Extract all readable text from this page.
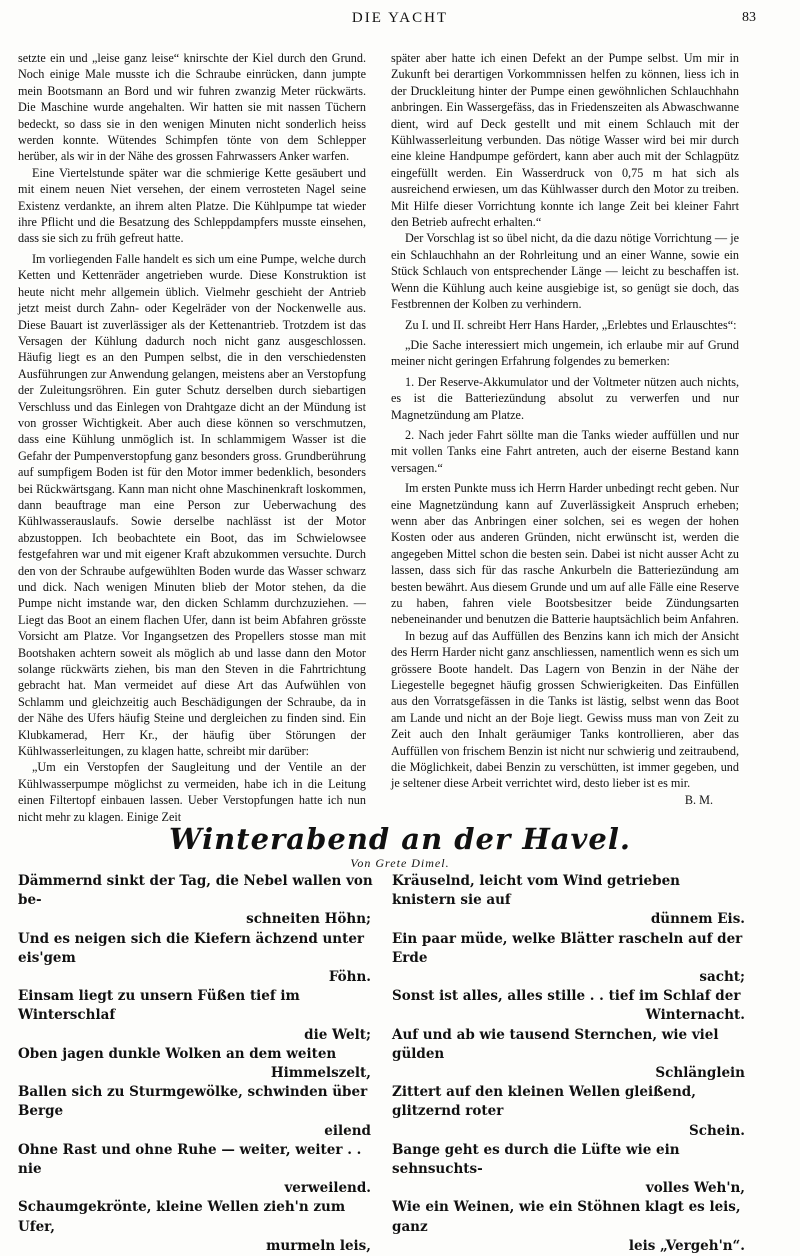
DIE YACHT	83

setzte ein und „leise ganz leise“ knirschte der Kiel durch den Grund. Noch einige Male musste ich die Schraube einrücken, dann jumpte mein Bootsmann an Bord und wir fuhren zwanzig Meter rückwärts. Die Maschine wurde angehalten. Wir hatten sie mit nassen Tüchern bedeckt, so dass sie in den wenigen Minuten nicht sonderlich heiss werden konnte. Wütendes Schimpfen tönte von dem Schlepper herüber, als wir in der Nähe des grossen Fahrwassers Anker warfen.

Eine Viertelstunde später war die schmierige Kette gesäubert und mit einem neuen Niet versehen, der einem verrosteten Nagel seine Existenz verdankte, an ihrem alten Platze. Die Kühlpumpe tat wieder ihre Pflicht und die Besatzung des Schleppdampfers musste einsehen, dass sie sich zu früh gefreut hatte.

Im vorliegenden Falle handelt es sich um eine Pumpe, welche durch Ketten und Kettenräder angetrieben wurde. Diese Konstruktion ist heute nicht mehr allgemein üblich. Vielmehr geschieht der Antrieb jetzt meist durch Zahn- oder Kegelräder von der Nockenwelle aus. Diese Bauart ist zuverlässiger als der Kettenantrieb. Trotzdem ist das Versagen der Kühlung dadurch noch nicht ganz ausgeschlossen. Häufig liegt es an den Pumpen selbst, die in den verschiedensten Ausführungen zur Anwendung gelangen, meistens aber an Verstopfung der Zuleitungsröhren. Ein guter Schutz derselben durch siebartigen Verschluss und das Einlegen von Drahtgaze dicht an der Mündung ist von grosser Wichtigkeit. Aber auch diese können so verschmutzen, dass eine Kühlung unmöglich ist. In schlammigem Wasser ist die Gefahr der Pumpenverstopfung ganz besonders gross. Grundberührung auf sumpfigem Boden ist für den Motor immer bedenklich, besonders bei Rückwärtsgang. Kann man nicht ohne Maschinenkraft loskommen, dann beauftrage man eine Person zur Ueberwachung des Kühlwasserauslaufs. Sowie derselbe nachlässt ist der Motor abzustoppen. Ich beobachtete ein Boot, das im Schwielowsee festgefahren war und mit eigener Kraft abzukommen versuchte. Durch den von der Schraube aufgewühlten Boden wurde das Wasser schwarz und dick. Nach wenigen Minuten blieb der Motor stehen, da die Pumpe nicht imstande war, den dicken Schlamm durchzuziehen. — Liegt das Boot an einem flachen Ufer, dann ist beim Abfahren grösste Vorsicht am Platze. Vor Ingangsetzen des Propellers stosse man mit Bootshaken achtern soweit als möglich ab und lasse dann den Motor solange rückwärts ziehen, bis man den Steven in die Fahrtrichtung gebracht hat. Man vermeidet auf diese Art das Aufwühlen von Schlamm und gleichzeitig auch Beschädigungen der Schraube, da in der Nähe des Ufers häufig Steine und dergleichen zu finden sind. Ein Klubkamerad, Herr Kr., der häufig über Störungen der Kühlwasserleitungen, zu klagen hatte, schreibt mir darüber:

„Um ein Verstopfen der Saugleitung und der Ventile an der Kühlwasserpumpe möglichst zu vermeiden, habe ich in die Leitung einen Filtertopf einbauen lassen. Ueber Verstopfungen hatte ich nun nicht mehr zu klagen. Einige Zeit

später aber hatte ich einen Defekt an der Pumpe selbst. Um mir in Zukunft bei derartigen Vorkommnissen helfen zu können, liess ich in der Druckleitung hinter der Pumpe einen gewöhnlichen Schlauchhahn anbringen. Ein Wassergefäss, das in Friedenszeiten als Abwaschwanne dient, wird auf Deck gestellt und mit einem Schlauch mit der Kühlwasserleitung verbunden. Das nötige Wasser wird bei mir durch eine kleine Handpumpe gefördert, kann aber auch mit der Schlagpütz eingefüllt werden. Ein Wasserdruck von 0,75 m hat sich als ausreichend erwiesen, um das Kühlwasser durch den Motor zu treiben. Mit Hilfe dieser Vorrichtung konnte ich lange Zeit bei kleiner Fahrt den Betrieb aufrecht erhalten.“

Der Vorschlag ist so übel nicht, da die dazu nötige Vorrichtung — je ein Schlauchhahn an der Rohrleitung und an einer Wanne, sowie ein Stück Schlauch von entsprechender Länge — leicht zu beschaffen ist. Wenn die Kühlung auch keine ausgiebige ist, so genügt sie doch, das Festbrennen der Kolben zu verhindern.

Zu I. und II. schreibt Herr Hans Harder, „Erlebtes und Erlauschtes“:

„Die Sache interessiert mich ungemein, ich erlaube mir auf Grund meiner nicht geringen Erfahrung folgendes zu bemerken:

1. Der Reserve-Akkumulator und der Voltmeter nützen auch nichts, es ist die Batteriezündung absolut zu verwerfen und nur Magnetzündung am Platze.

2. Nach jeder Fahrt söllte man die Tanks wieder auffüllen und nur mit vollen Tanks eine Fahrt antreten, auch der eiserne Bestand kann versagen.“

Im ersten Punkte muss ich Herrn Harder unbedingt recht geben. Nur eine Magnetzündung kann auf Zuverlässigkeit Anspruch erheben; wenn aber das Anbringen einer solchen, sei es wegen der hohen Kosten oder aus anderen Gründen, nicht erwünscht ist, werden die angegeben Mittel schon die besten sein. Dabei ist nicht ausser Acht zu lassen, dass sich für das rasche Ankurbeln die Batteriezündung am besten bewährt. Aus diesem Grunde und um auf alle Fälle eine Reserve zu haben, fahren viele Bootsbesitzer beide Zündungsarten nebeneinander und benutzen die Batterie hauptsächlich beim Anfahren.

In bezug auf das Auffüllen des Benzins kann ich mich der Ansicht des Herrn Harder nicht ganz anschliessen, namentlich wenn es sich um grössere Boote handelt. Das Lagern von Benzin in der Nähe der Liegestelle begegnet häufig grossen Schwierigkeiten. Das Einfüllen aus den Vorratsgefässen in die Tanks ist lästig, selbst wenn das Boot am Lande und nicht an der Boje liegt. Gewiss muss man von Zeit zu Zeit auch den Inhalt geräumiger Tanks kontrollieren, aber das Auffüllen von frischem Benzin ist nicht nur schwierig und zeitraubend, die Möglichkeit, dabei Benzin zu verschütten, ist immer gegeben, und je seltener diese Arbeit verrichtet wird, desto lieber ist es mir.

B. M.
Winterabend an der Havel.
Von Grete Dimel.
Dämmernd sinkt der Tag, die Nebel wallen von be-
schneiten Höhn;
Und es neigen sich die Kiefern ächzend unter eis'gem
Föhn.
Einsam liegt zu unsern Füßen tief im Winterschlaf
die Welt;
Oben jagen dunkle Wolken an dem weiten
Himmelszelt,
Ballen sich zu Sturmgewölke, schwinden über Berge
eilend
Ohne Rast und ohne Ruhe — weiter, weiter . . nie
verweilend.
Schaumgekrönte, kleine Wellen zieh'n zum Ufer,
murmeln leis,
Kräuselnd, leicht vom Wind getrieben knistern sie auf
dünnem Eis.
Ein paar müde, welke Blätter rascheln auf der Erde
sacht;
Sonst ist alles, alles stille . . tief im Schlaf der
Winternacht.
Auf und ab wie tausend Sternchen, wie viel gülden
Schlänglein
Zittert auf den kleinen Wellen gleißend, glitzernd roter
Schein.
Bange geht es durch die Lüfte wie ein sehnsuchts-
volles Weh'n,
Wie ein Weinen, wie ein Stöhnen klagt es leis, ganz
leis „Vergeh'n“.
